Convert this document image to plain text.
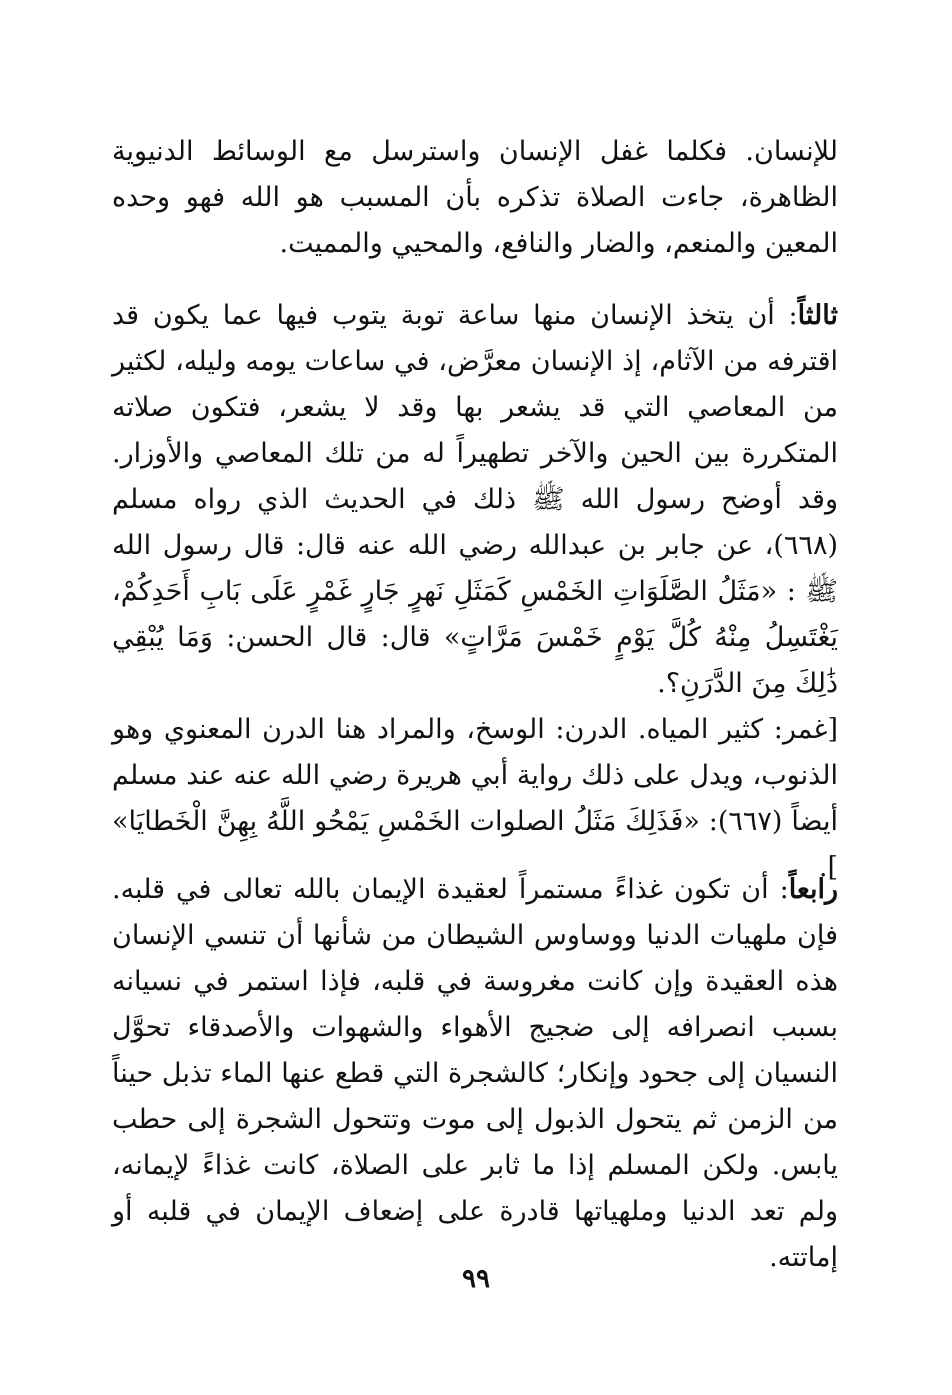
للإنسان. فكلما غفل الإنسان واسترسل مع الوسائط الدنيوية الظاهرة، جاءت الصلاة تذكره بأن المسبب هو الله فهو وحده المعين والمنعم، والضار والنافع، والمحيي والمميت.

ثالثاً: أن يتخذ الإنسان منها ساعة توبة يتوب فيها عما يكون قد اقترفه من الآثام، إذ الإنسان معرَّض، في ساعات يومه وليله، لكثير من المعاصي التي قد يشعر بها وقد لا يشعر، فتكون صلاته المتكررة بين الحين والآخر تطهيراً له من تلك المعاصي والأوزار. وقد أوضح رسول الله ﷺ ذلك في الحديث الذي رواه مسلم (٦٦٨)، عن جابر بن عبدالله رضي الله عنه قال: قال رسول الله ﷺ : «مَثَلُ الصَّلَوَاتِ الخَمْسِ كَمَثَلِ نَهرٍ جَارٍ غَمْرٍ عَلَى بَابِ أَحَدِكُمْ، يَغْتَسِلُ مِنْهُ كُلَّ يَوْمٍ خَمْسَ مَرَّاتٍ» قال: قال الحسن: وَمَا يُبْقِي ذَٰلِكَ مِنَ الدَّرَنِ؟.

[غمر: كثير المياه. الدرن: الوسخ، والمراد هنا الدرن المعنوي وهو الذنوب، ويدل على ذلك رواية أبي هريرة رضي الله عنه عند مسلم أيضاً (٦٦٧): «فَذَلِكَ مَثَلُ الصلوات الخَمْسِ يَمْحُو اللَّهُ بِهِنَّ الْخَطايَا» ].

رابعاً: أن تكون غذاءً مستمراً لعقيدة الإيمان بالله تعالى في قلبه. فإن ملهيات الدنيا ووساوس الشيطان من شأنها أن تنسي الإنسان هذه العقيدة وإن كانت مغروسة في قلبه، فإذا استمر في نسيانه بسبب انصرافه إلى ضجيج الأهواء والشهوات والأصدقاء تحوَّل النسيان إلى جحود وإنكار؛ كالشجرة التي قطع عنها الماء تذبل حيناً من الزمن ثم يتحول الذبول إلى موت وتتحول الشجرة إلى حطب يابس. ولكن المسلم إذا ما ثابر على الصلاة، كانت غذاءً لإيمانه، ولم تعد الدنيا وملهياتها قادرة على إضعاف الإيمان في قلبه أو إماتته.

٩٩
